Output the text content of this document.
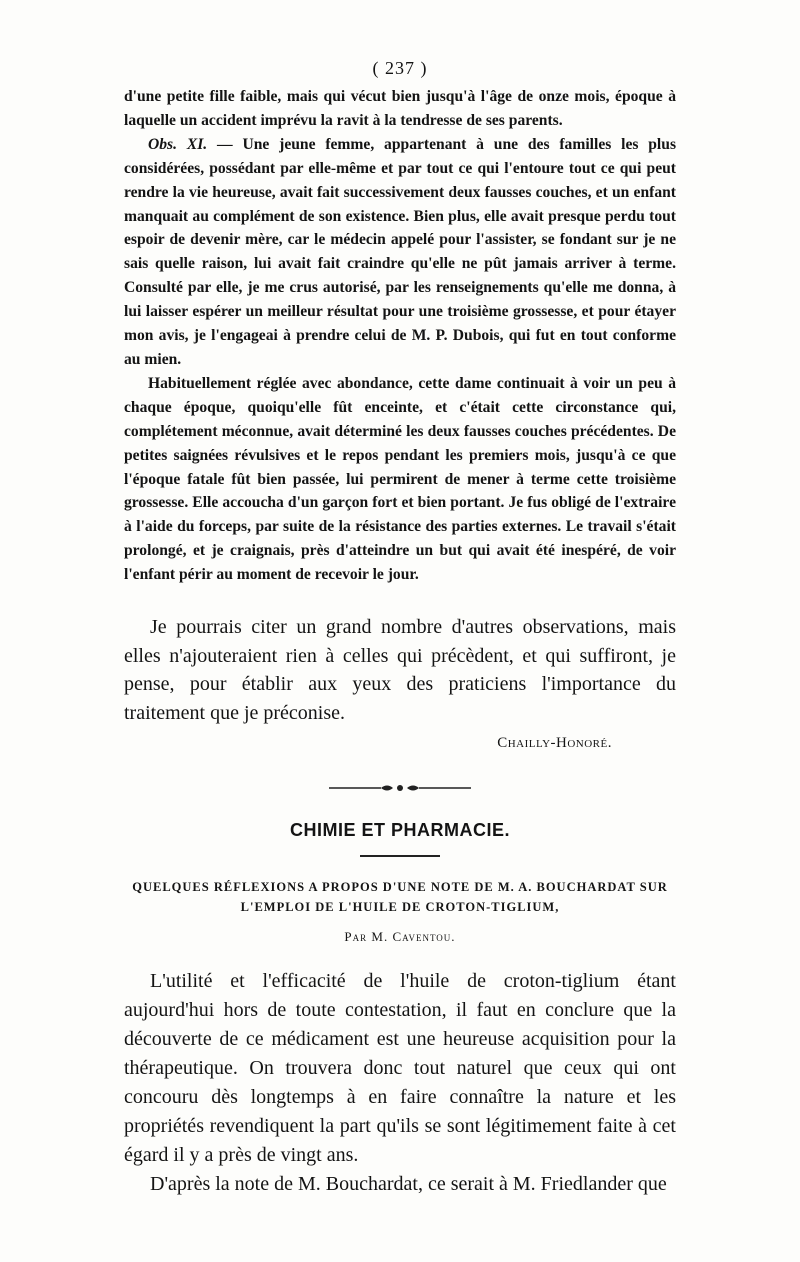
( 237 )

d'une petite fille faible, mais qui vécut bien jusqu'à l'âge de onze mois, époque à laquelle un accident imprévu la ravit à la tendresse de ses parents.

Obs. XI. — Une jeune femme, appartenant à une des familles les plus considérées, possédant par elle-même et par tout ce qui l'entoure tout ce qui peut rendre la vie heureuse, avait fait successivement deux fausses couches, et un enfant manquait au complément de son existence. Bien plus, elle avait presque perdu tout espoir de devenir mère, car le médecin appelé pour l'assister, se fondant sur je ne sais quelle raison, lui avait fait craindre qu'elle ne pût jamais arriver à terme. Consulté par elle, je me crus autorisé, par les renseignements qu'elle me donna, à lui laisser espérer un meilleur résultat pour une troisième grossesse, et pour étayer mon avis, je l'engageai à prendre celui de M. P. Dubois, qui fut en tout conforme au mien.

Habituellement réglée avec abondance, cette dame continuait à voir un peu à chaque époque, quoiqu'elle fût enceinte, et c'était cette circonstance qui, complétement méconnue, avait déterminé les deux fausses couches précédentes. De petites saignées révulsives et le repos pendant les premiers mois, jusqu'à ce que l'époque fatale fût bien passée, lui permirent de mener à terme cette troisième grossesse. Elle accoucha d'un garçon fort et bien portant. Je fus obligé de l'extraire à l'aide du forceps, par suite de la résistance des parties externes. Le travail s'était prolongé, et je craignais, près d'atteindre un but qui avait été inespéré, de voir l'enfant périr au moment de recevoir le jour.

Je pourrais citer un grand nombre d'autres observations, mais elles n'ajouteraient rien à celles qui précèdent, et qui suffiront, je pense, pour établir aux yeux des praticiens l'importance du traitement que je préconise.

Chailly-Honoré.
CHIMIE ET PHARMACIE.
QUELQUES RÉFLEXIONS A PROPOS D'UNE NOTE DE M. A. BOUCHARDAT SUR
L'EMPLOI DE L'HUILE DE CROTON-TIGLIUM,
Par M. Caventou.

L'utilité et l'efficacité de l'huile de croton-tiglium étant aujourd'hui hors de toute contestation, il faut en conclure que la découverte de ce médicament est une heureuse acquisition pour la thérapeutique. On trouvera donc tout naturel que ceux qui ont concouru dès longtemps à en faire connaître la nature et les propriétés revendiquent la part qu'ils se sont légitimement faite à cet égard il y a près de vingt ans.

D'après la note de M. Bouchardat, ce serait à M. Friedlander que
